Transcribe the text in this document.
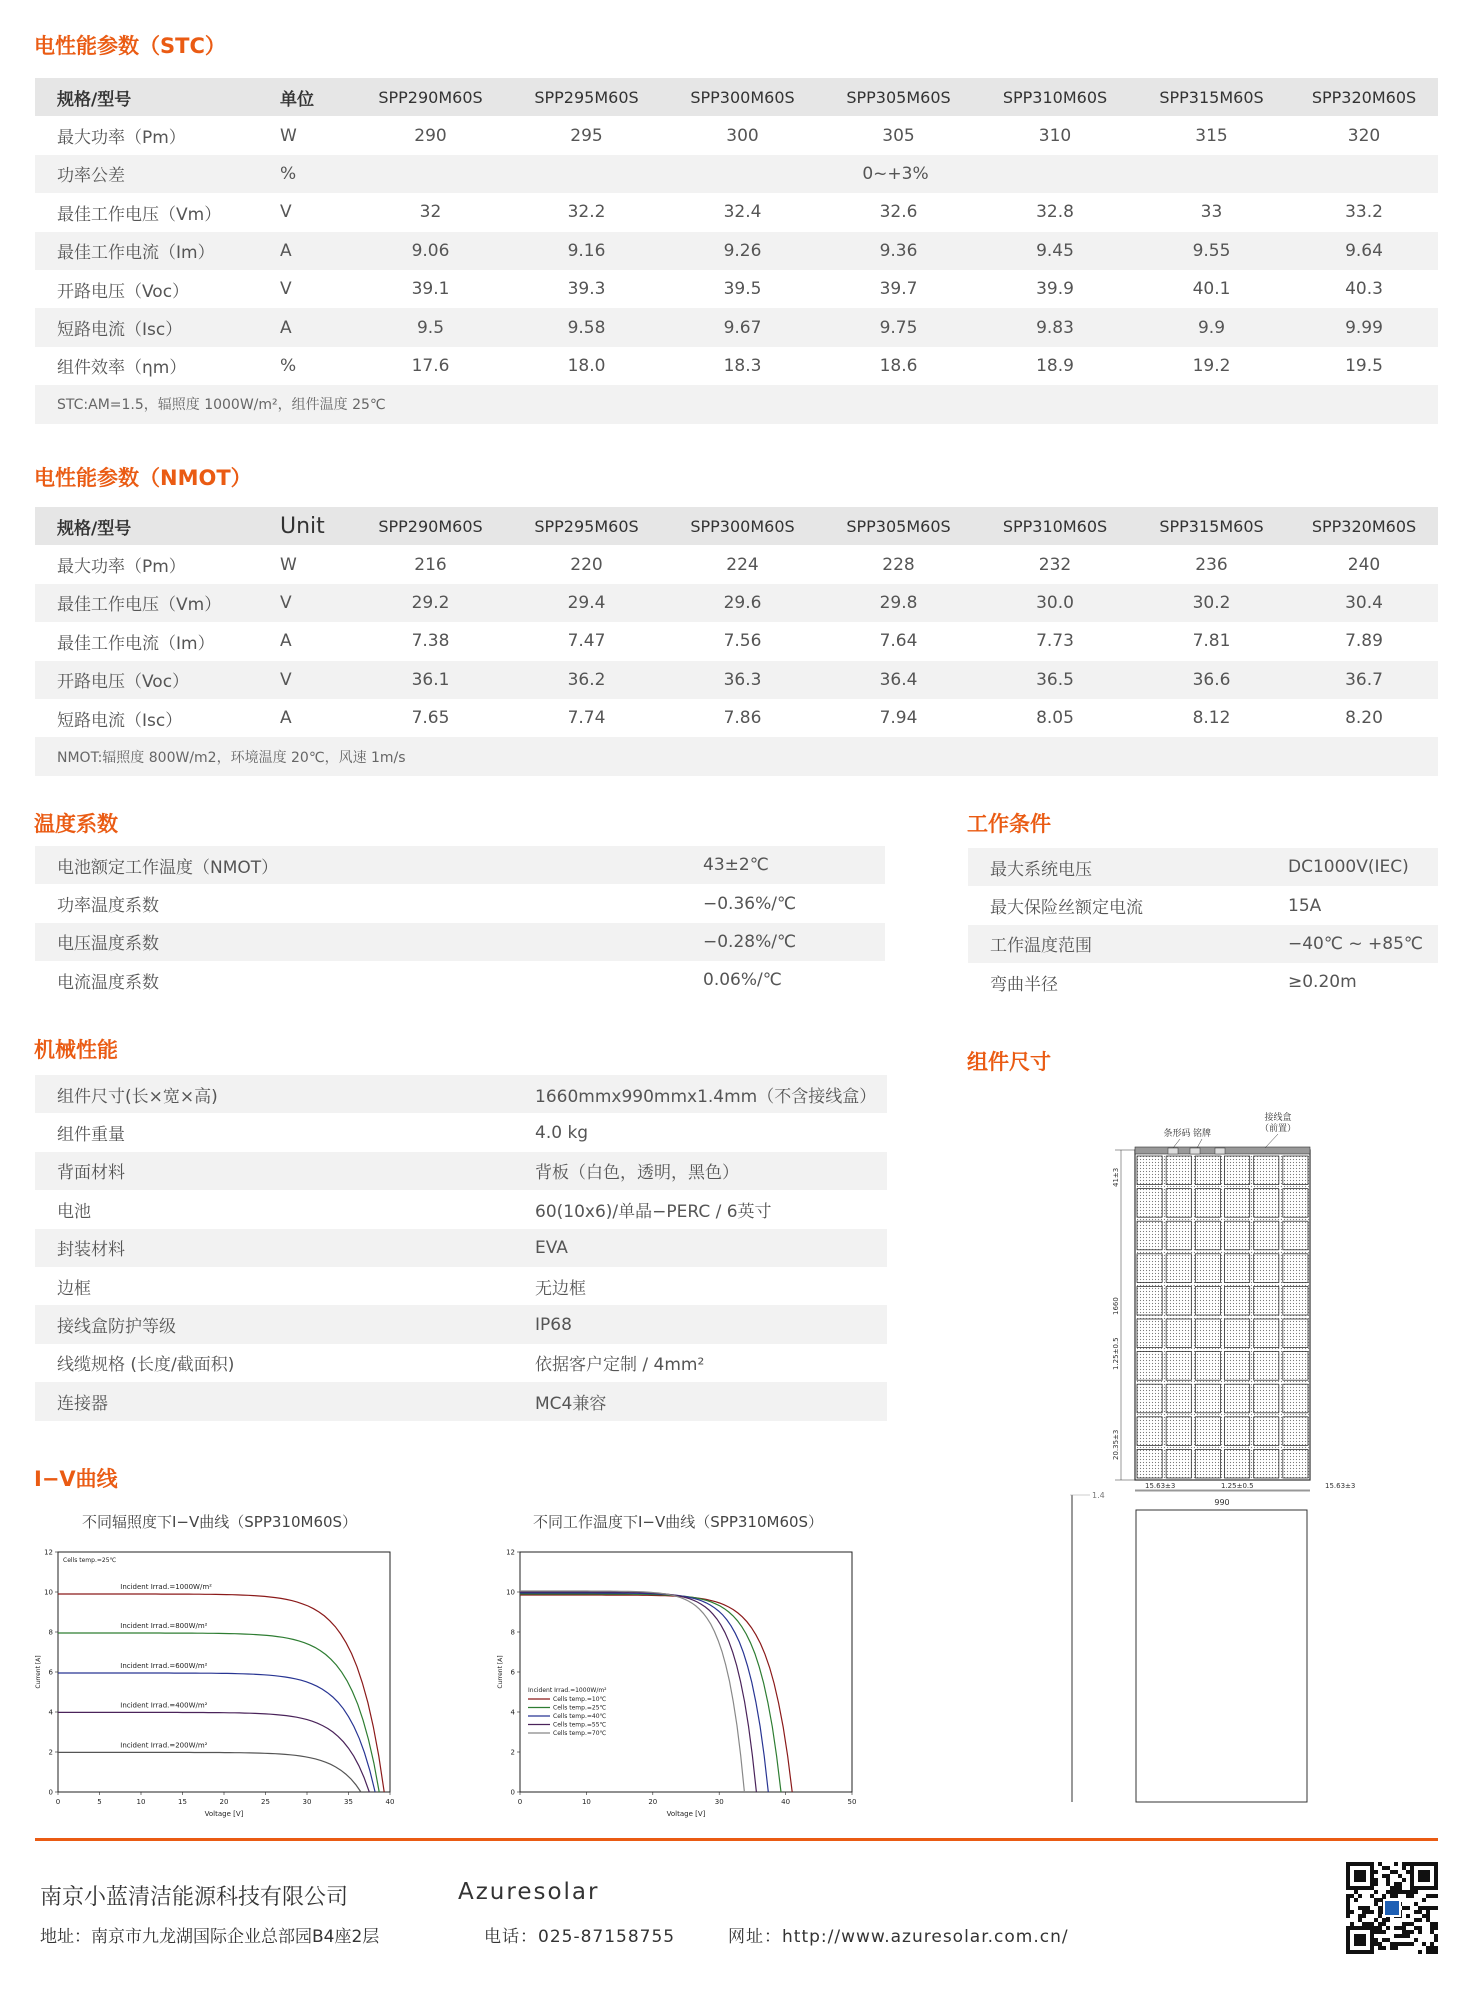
电性能参数（STC）
规格/型号	单位	SPP290M60S	SPP295M60S	SPP300M60S	SPP305M60S	SPP310M60S	SPP315M60S	SPP320M60S
最大功率（Pm）	W	290	295	300	305	310	315	320
功率公差	%	0~+3%						
最佳工作电压（Vm）	V	32	32.2	32.4	32.6	32.8	33	33.2
最佳工作电流（Im）	A	9.06	9.16	9.26	9.36	9.45	9.55	9.64
开路电压（Voc）	V	39.1	39.3	39.5	39.7	39.9	40.1	40.3
短路电流（Isc）	A	9.5	9.58	9.67	9.75	9.83	9.9	9.99
组件效率（ηm）	%	17.6	18.0	18.3	18.6	18.9	19.2	19.5
STC:AM=1.5，辐照度 1000W/m²，组件温度 25℃								
电性能参数（NMOT）
规格/型号	Unit	SPP290M60S	SPP295M60S	SPP300M60S	SPP305M60S	SPP310M60S	SPP315M60S	SPP320M60S
最大功率（Pm）	W	216	220	224	228	232	236	240
最佳工作电压（Vm）	V	29.2	29.4	29.6	29.8	30.0	30.2	30.4
最佳工作电流（Im）	A	7.38	7.47	7.56	7.64	7.73	7.81	7.89
开路电压（Voc）	V	36.1	36.2	36.3	36.4	36.5	36.6	36.7
短路电流（Isc）	A	7.65	7.74	7.86	7.94	8.05	8.12	8.20
NMOT:辐照度 800W/m2，环境温度 20℃，风速 1m/s								
温度系数
电池额定工作温度（NMOT）	43±2℃
功率温度系数	−0.36%/℃
电压温度系数	−0.28%/℃
电流温度系数	0.06%/℃
工作条件
最大系统电压	DC1000V(IEC)
最大保险丝额定电流	15A
工作温度范围	−40℃ ~ +85℃
弯曲半径	≥0.20m
机械性能
组件尺寸(长×宽×高)	1660mmx990mmx1.4mm（不含接线盒）
组件重量	4.0 kg
背面材料	背板（白色，透明，黑色）
电池	60(10x6)/单晶−PERC / 6英寸
封装材料	EVA
边框	无边框
接线盒防护等级	IP68
线缆规格 (长度/截面积)	依据客户定制 / 4mm²
连接器	MC4兼容
组件尺寸
条形码 铭牌
接线盒
（前置）
41±3
1660
1.25±0.5
20.35±3
15.63±3	1.25±0.5	15.63±3
990
1.4
I−V曲线
不同辐照度下I−V曲线（SPP310M60S）	不同工作温度下I−V曲线（SPP310M60S）
0	5	10	15	20	25	30	35	40
0
2
4
6
8
10
12
Voltage [V]
Current [A]
Incident Irrad.=1000W/m²
Incident Irrad.=800W/m²
Incident Irrad.=600W/m²
Incident Irrad.=400W/m²
Incident Irrad.=200W/m²
Cells temp.=25℃
0	10	20	30	40	50
0
2
4
6
8
10
12
Voltage [V]
Current [A]
Incident Irrad.=1000W/m²
Cells temp.=10℃
Cells temp.=25℃
Cells temp.=40℃
Cells temp.=55℃
Cells temp.=70℃
南京小蓝清洁能源科技有限公司	Azuresolar
地址：南京市九龙湖国际企业总部园B4座2层	电话：025-87158755	网址：http://www.azuresolar.com.cn/
